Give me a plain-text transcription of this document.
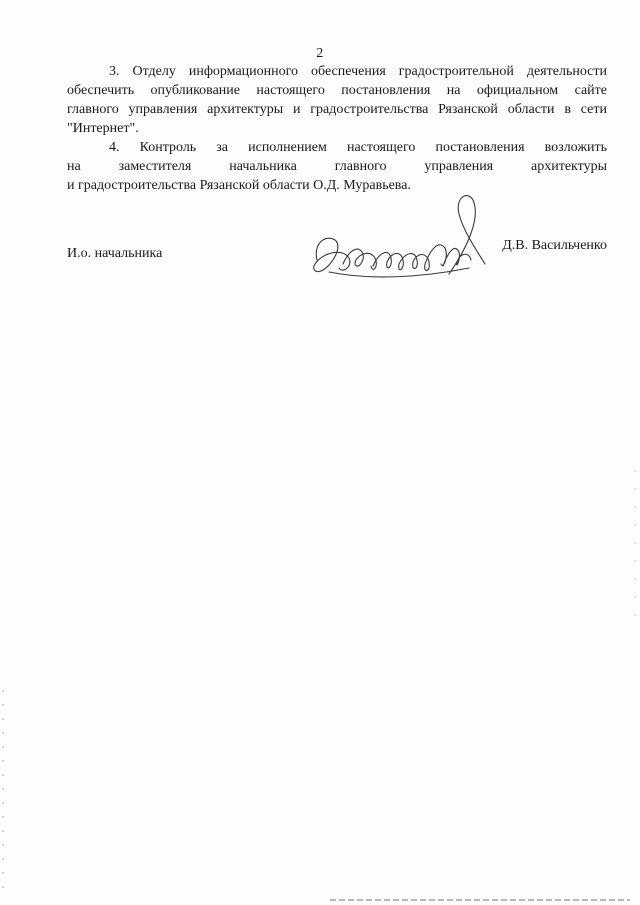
2
3. Отделу информационного обеспечения градостроительной деятельности
обеспечить опубликование настоящего постановления на официальном сайте
главного управления архитектуры и градостроительства Рязанской области в сети
"Интернет".
4. Контроль за исполнением настоящего постановления возложить
на заместителя начальника главного управления архитектуры
и градостроительства Рязанской области О.Д. Муравьева.
И.о. начальника
Д.В. Васильченко
